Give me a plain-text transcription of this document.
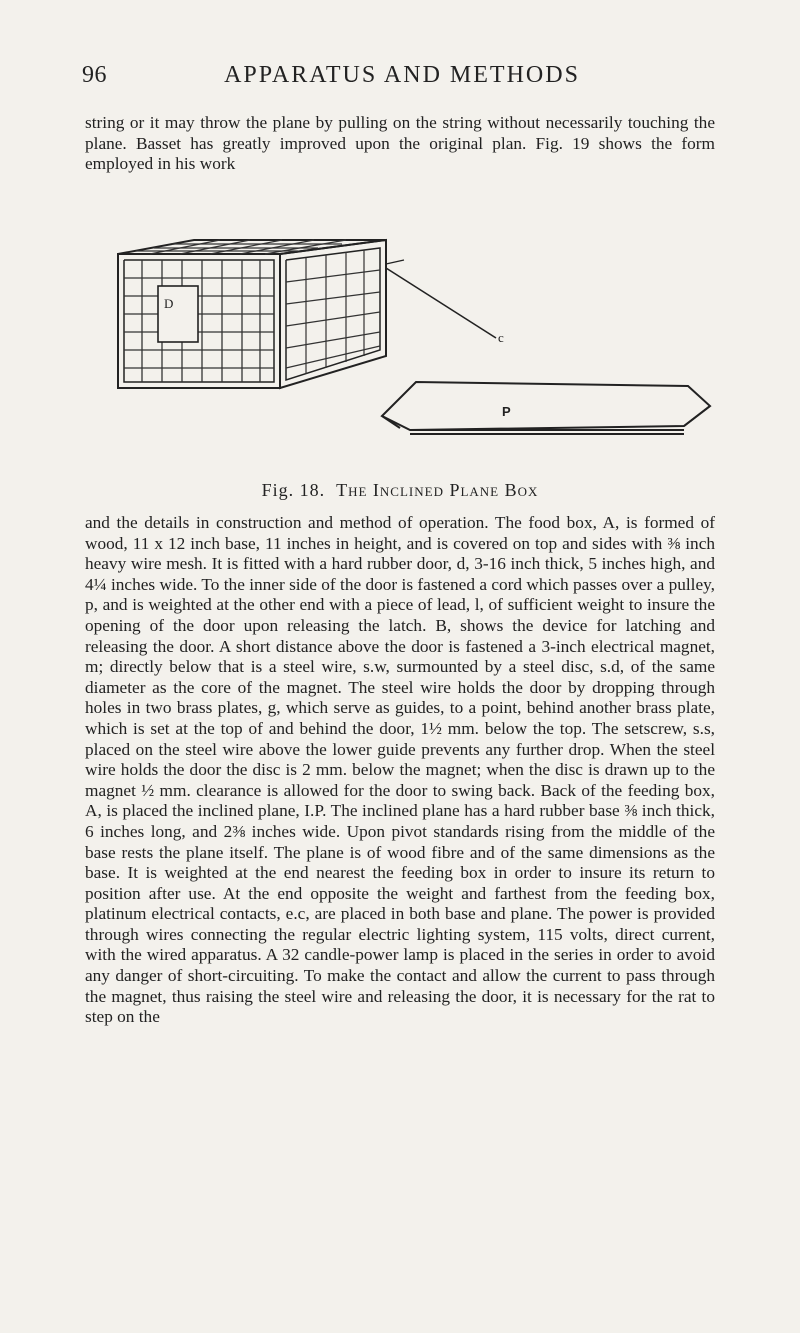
96	APPARATUS AND METHODS
string or it may throw the plane by pulling on the string without necessarily touching the plane. Basset has greatly improved upon the original plan. Fig. 19 shows the form employed in his work
D
c
P
Fig. 18. The Inclined Plane Box
and the details in construction and method of operation. The food box, A, is formed of wood, 11 x 12 inch base, 11 inches in height, and is covered on top and sides with ⅜ inch heavy wire mesh. It is fitted with a hard rubber door, d, 3-16 inch thick, 5 inches high, and 4¼ inches wide. To the inner side of the door is fastened a cord which passes over a pulley, p, and is weighted at the other end with a piece of lead, l, of sufficient weight to insure the opening of the door upon releasing the latch. B, shows the device for latching and releasing the door. A short distance above the door is fastened a 3-inch electrical magnet, m; directly below that is a steel wire, s.w, surmounted by a steel disc, s.d, of the same diameter as the core of the magnet. The steel wire holds the door by dropping through holes in two brass plates, g, which serve as guides, to a point, behind another brass plate, which is set at the top of and behind the door, 1½ mm. below the top. The setscrew, s.s, placed on the steel wire above the lower guide prevents any further drop. When the steel wire holds the door the disc is 2 mm. below the magnet; when the disc is drawn up to the magnet ½ mm. clearance is allowed for the door to swing back. Back of the feeding box, A, is placed the inclined plane, I.P. The inclined plane has a hard rubber base ⅜ inch thick, 6 inches long, and 2⅜ inches wide. Upon pivot standards rising from the middle of the base rests the plane itself. The plane is of wood fibre and of the same dimensions as the base. It is weighted at the end nearest the feeding box in order to insure its return to position after use. At the end opposite the weight and farthest from the feeding box, platinum electrical contacts, e.c, are placed in both base and plane. The power is provided through wires connecting the regular electric lighting system, 115 volts, direct current, with the wired apparatus. A 32 candle-power lamp is placed in the series in order to avoid any danger of short-circuiting. To make the contact and allow the current to pass through the magnet, thus raising the steel wire and releasing the door, it is necessary for the rat to step on the
